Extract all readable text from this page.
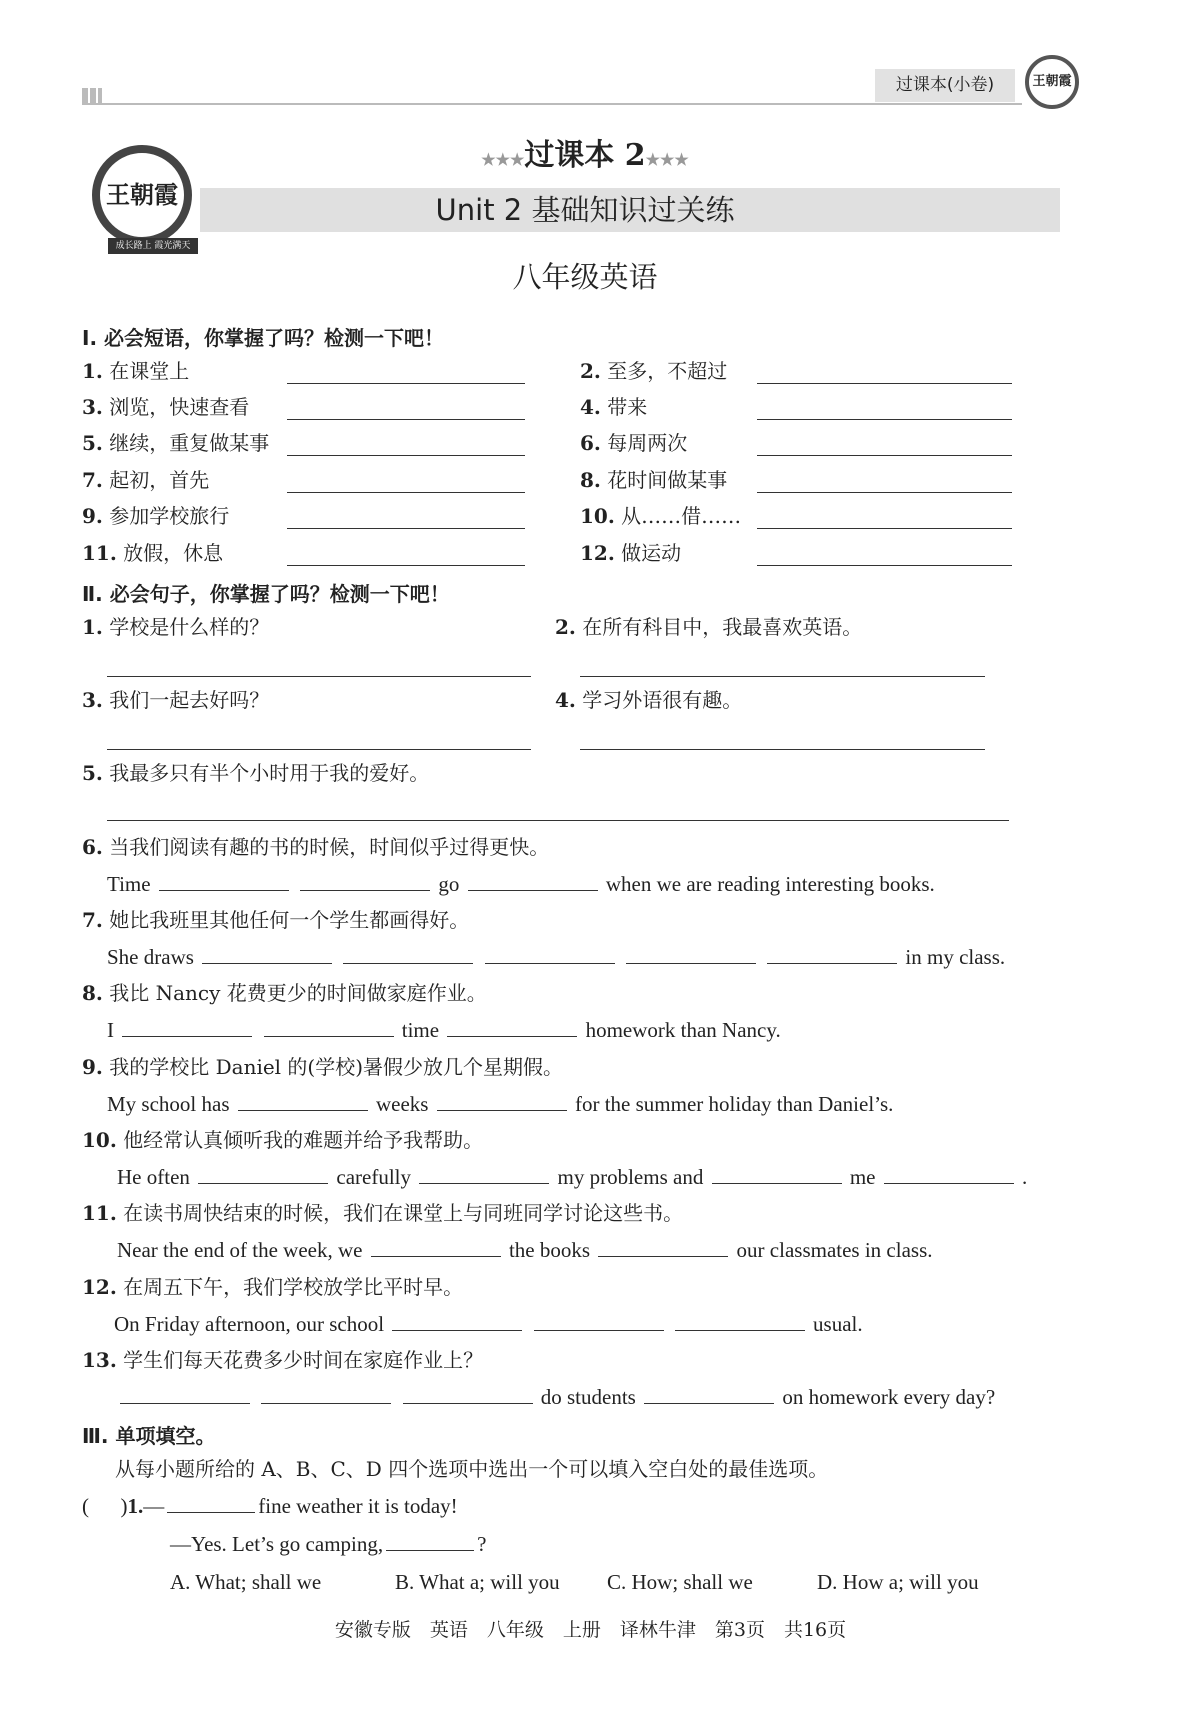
过课本(小卷)	王朝霞
王朝霞
成长路上 霞光满天
★★★过课本 2★★★
Unit 2 基础知识过关练
八年级英语
Ⅰ. 必会短语，你掌握了吗？检测一下吧！
1. 在课堂上	2. 至多，不超过
3. 浏览，快速查看	4. 带来
5. 继续，重复做某事	6. 每周两次
7. 起初，首先	8. 花时间做某事
9. 参加学校旅行	10. 从……借……
11. 放假，休息	12. 做运动
Ⅱ. 必会句子，你掌握了吗？检测一下吧！
1. 学校是什么样的？	2. 在所有科目中，我最喜欢英语。
3. 我们一起去好吗？	4. 学习外语很有趣。
5. 我最多只有半个小时用于我的爱好。
6. 当我们阅读有趣的书的时候，时间似乎过得更快。
Time	go	when we are reading interesting books.
7. 她比我班里其他任何一个学生都画得好。
She draws	in my class.
8. 我比 Nancy 花费更少的时间做家庭作业。
I	time	homework than Nancy.
9. 我的学校比 Daniel 的(学校)暑假少放几个星期假。
My school has	weeks	for the summer holiday than Daniel’s.
10. 他经常认真倾听我的难题并给予我帮助。
He often	carefully	my problems and	me	.
11. 在读书周快结束的时候，我们在课堂上与同班同学讨论这些书。
Near the end of the week, we	the books	our classmates in class.
12. 在周五下午，我们学校放学比平时早。
On Friday afternoon, our school	usual.
13. 学生们每天花费多少时间在家庭作业上？
do students	on homework every day?
Ⅲ. 单项填空。
从每小题所给的 A、B、C、D 四个选项中选出一个可以填入空白处的最佳选项。
(      )1.—	fine weather it is today!
—Yes. Let’s go camping,	?
A. What; shall we	B. What a; will you C. How; shall we	D. How a; will you
安徽专版　英语　八年级　上册　译林牛津　第3页　共16页
